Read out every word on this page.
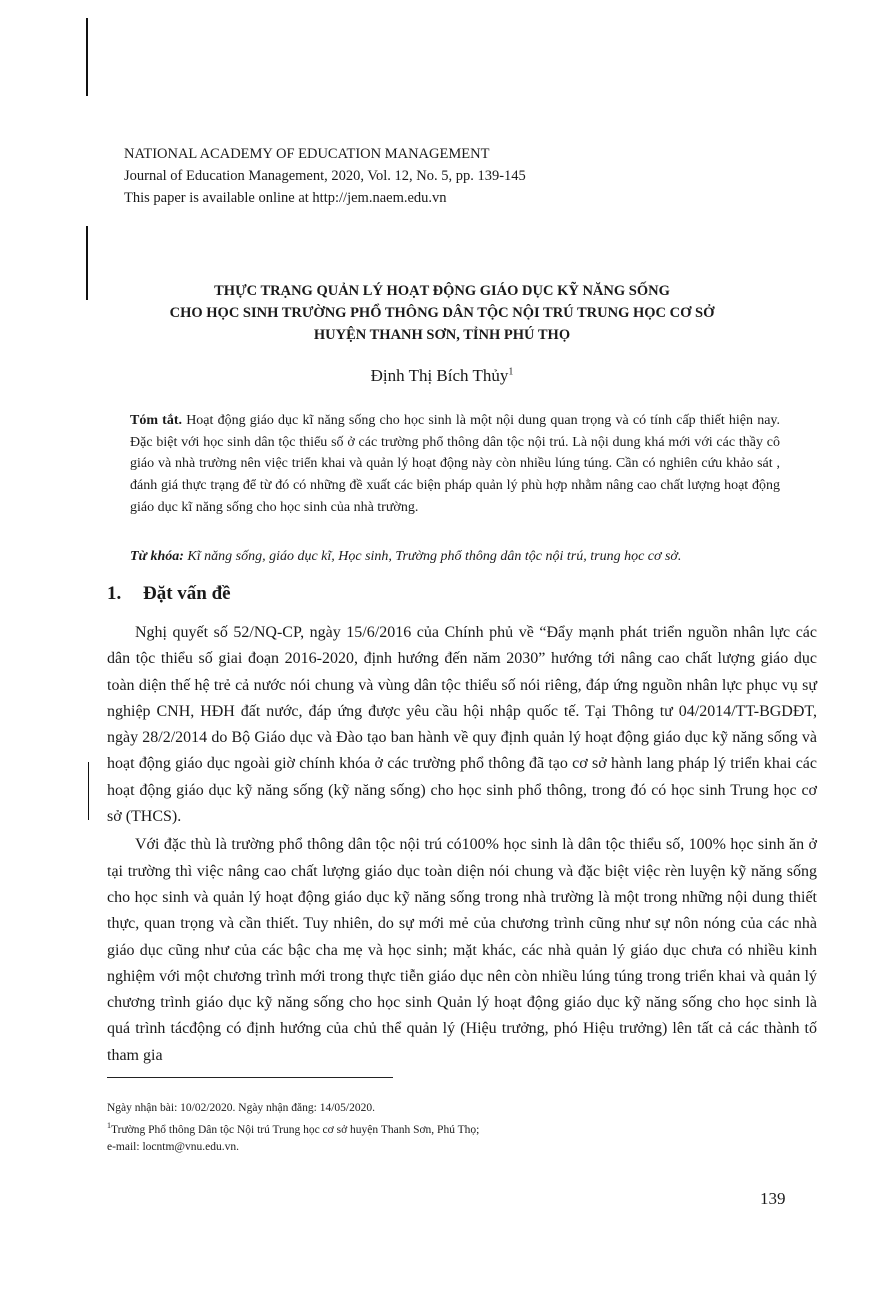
NATIONAL ACADEMY OF EDUCATION MANAGEMENT
Journal of Education Management, 2020, Vol. 12, No. 5, pp. 139-145
This paper is available online at http://jem.naem.edu.vn
THỰC TRẠNG QUẢN LÝ HOẠT ĐỘNG GIÁO DỤC KỸ NĂNG SỐNG
CHO HỌC SINH TRƯỜNG PHỔ THÔNG DÂN TỘC NỘI TRÚ TRUNG HỌC CƠ SỞ
HUYỆN THANH SƠN, TỈNH PHÚ THỌ
Định Thị Bích Thủy$^1$
Tóm tắt. Hoạt động giáo dục kĩ năng sống cho học sinh là một nội dung quan trọng và có tính cấp thiết hiện nay. Đặc biệt với học sinh dân tộc thiểu số ở các trường phổ thông dân tộc nội trú. Là nội dung khá mới với các thầy cô giáo và nhà trường nên việc triển khai và quản lý hoạt động này còn nhiều lúng túng. Cần có nghiên cứu khảo sát , đánh giá thực trạng để từ đó có những đề xuất các biện pháp quản lý phù hợp nhằm nâng cao chất lượng hoạt động giáo dục kĩ năng sống cho học sinh của nhà trường.
Từ khóa: Kĩ năng sống, giáo dục kĩ, Học sinh, Trường phổ thông dân tộc nội trú, trung học cơ sở.
1. Đặt vấn đề

Nghị quyết số 52/NQ-CP, ngày 15/6/2016 của Chính phủ về “Đẩy mạnh phát triển nguồn nhân lực các dân tộc thiểu số giai đoạn 2016-2020, định hướng đến năm 2030” hướng tới nâng cao chất lượng giáo dục toàn diện thế hệ trẻ cả nước nói chung và vùng dân tộc thiểu số nói riêng, đáp ứng nguồn nhân lực phục vụ sự nghiệp CNH, HĐH đất nước, đáp ứng được yêu cầu hội nhập quốc tế. Tại Thông tư 04/2014/TT-BGDĐT, ngày 28/2/2014 do Bộ Giáo dục và Đào tạo ban hành về quy định quản lý hoạt động giáo dục kỹ năng sống và hoạt động giáo dục ngoài giờ chính khóa ở các trường phổ thông đã tạo cơ sở hành lang pháp lý triển khai các hoạt động giáo dục kỹ năng sống (kỹ năng sống) cho học sinh phổ thông, trong đó có học sinh Trung học cơ sở (THCS).

Với đặc thù là trường phổ thông dân tộc nội trú có100% học sinh là dân tộc thiểu số, 100% học sinh ăn ở tại trường thì việc nâng cao chất lượng giáo dục toàn diện nói chung và đặc biệt việc rèn luyện kỹ năng sống cho học sinh và quản lý hoạt động giáo dục kỹ năng sống trong nhà trường là một trong những nội dung thiết thực, quan trọng và cần thiết. Tuy nhiên, do sự mới mẻ của chương trình cũng như sự nôn nóng của các nhà giáo dục cũng như của các bậc cha mẹ và học sinh; mặt khác, các nhà quản lý giáo dục chưa có nhiều kinh nghiệm với một chương trình mới trong thực tiễn giáo dục nên còn nhiều lúng túng trong triển khai và quản lý chương trình giáo dục kỹ năng sống cho học sinh Quản lý hoạt động giáo dục kỹ năng sống cho học sinh là quá trình tácđộng có định hướng của chủ thể quản lý (Hiệu trưởng, phó Hiệu trưởng) lên tất cả các thành tố tham gia

Ngày nhận bài: 10/02/2020. Ngày nhận đăng: 14/05/2020.
$^1$Trường Phổ thông Dân tộc Nội trú Trung học cơ sở huyện Thanh Sơn, Phú Thọ;
e-mail: locntm@vnu.edu.vn.
139
